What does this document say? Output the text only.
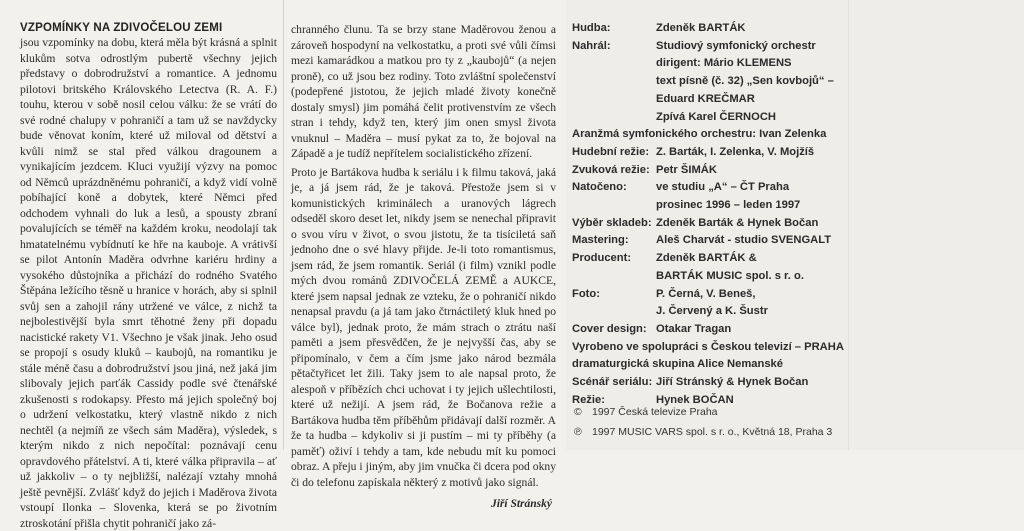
VZPOMÍNKY NA ZDIVOČELOU ZEMI

jsou vzpomínky na dobu, která měla být krásná a splnit klukům sotva odrostlým pubertě všechny jejich představy o dobrodružství a romantice. A jednomu pilotovi britského Královského Letectva (R. A. F.) touhu, kterou v sobě nosil celou válku: že se vrátí do své rodné chalupy v pohraničí a tam už se navždycky bude věnovat koním, které už miloval od dětství a kvůli nimž se stal před válkou dragounem a vynikajícím jezdcem. Kluci využijí výzvy na pomoc od Němců uprázdněnému pohraničí, a když vidí volně pobíhající koně a dobytek, které Němci před odchodem vyhnali do luk a lesů, a spousty zbraní povalujících se téměř na každém kroku, neodolají tak hmatatelnému vybídnutí ke hře na kauboje. A vrátivší se pilot Antonín Maděra odvrhne kariéru hrdiny a vysokého důstojníka a přichází do rodného Svatého Štěpána ležícího těsně u hranice v horách, aby si splnil svůj sen a zahojil rány utržené ve válce, z nichž ta nejbolestivější byla smrt těhotné ženy při dopadu nacistické rakety V1. Všechno je však jinak. Jeho osud se propojí s osudy kluků – kaubojů, na romantiku je stále méně času a dobrodružství jsou jiná, než jaká jim slibovaly jejich parťák Cassidy podle své čtenářské zkušenosti s rodokapsy. Přesto má jejich společný boj o udržení velkostatku, který vlastně nikdo z nich nechtěl (a nejmíň ze všech sám Maděra), výsledek, s kterým nikdo z nich nepočítal: poznávají cenu opravdového přátelství. A ti, které válka připravila – ať už jakkoliv – o ty nejbližší, nalézají vztahy mnohá ještě pevnější. Zvlášť když do jejich i Maděrova života vstoupí Ilonka – Slovenka, která se po životním ztroskotání přišla chytit pohraničí jako zá-

chranného člunu. Ta se brzy stane Maděrovou ženou a zároveň hospodyní na velkostatku, a proti své vůli čímsi mezi kamarádkou a matkou pro ty z „kaubojů“ (a nejen proně), co už jsou bez rodiny. Toto zvláštní společenství (podepřené jistotou, že jejich mladé životy konečně dostaly smysl) jim pomáhá čelit protivenstvím ze všech stran i tehdy, když ten, který jim onen smysl života vnuknul – Maděra – musí pykat za to, že bojoval na Západě a je tudíž nepřítelem socialistického zřízení.

Proto je Bartákova hudba k seriálu i k filmu taková, jaká je, a já jsem rád, že je taková. Přestože jsem si v komunistických kriminálech a uranových lágrech odseděl skoro deset let, nikdy jsem se nenechal připravit o svou víru v život, o svou jistotu, že ta tisíciletá saň jednoho dne o své hlavy přijde. Je-li toto romantismus, jsem rád, že jsem romantik. Seriál (i film) vznikl podle mých dvou románů ZDIVOČELÁ ZEMĚ a AUKCE, které jsem napsal jednak ze vzteku, že o pohraničí nikdo nenapsal pravdu (a já tam jako čtrnáctiletý kluk hned po válce byl), jednak proto, že mám strach o ztrátu naší paměti a jsem přesvědčen, že je nejvyšší čas, aby se připomínalo, v čem a čím jsme jako národ bezmála pětačtyřicet let žili. Taky jsem to ale napsal proto, že alespoň v příbězích chci uchovat i ty jejich ušlechtilosti, které už nežijí. A jsem rád, že Bočanova režie a Bartákova hudba těm příběhům přidávají další rozměr. A že ta hudba – kdykoliv si ji pustím – mi ty příběhy (a paměť) oživí i tehdy a tam, kde nebudu mít ku pomoci obraz. A přeju i jiným, aby jim vnučka či dcera pod okny či do telefonu zapískala některý z motivů jako signál.

Jiří Stránský
Hudba:	Zdeněk BARTÁK
Nahrál:	Studiový symfonický orchestr
dirigent: Mário KLEMENS
text písně (č. 32) „Sen kovbojů“ –
Eduard KREČMAR
Zpívá Karel ČERNOCH
Aranžmá symfonického orchestru: Ivan Zelenka
Hudební režie: Z. Barták, I. Zelenka, V. Mojžíš
Zvuková režie: Petr ŠIMÁK
Natočeno:	ve studiu „A“ – ČT Praha
prosinec 1996 – leden 1997
Výběr skladeb: Zdeněk Barták & Hynek Bočan
Mastering:	Aleš Charvát - studio SVENGALT
Producent:	Zdeněk BARTÁK &
BARTÁK MUSIC spol. s r. o.
Foto:	P. Černá, V. Beneš,
J. Červený a K. Šustr
Cover design: Otakar Tragan
Vyrobeno ve spolupráci s Českou televizí – PRAHA
dramaturgická skupina Alice Nemanské
Scénář seriálu: Jiří Stránský & Hynek Bočan
Režie:	Hynek BOČAN
© 1997 Česká televize Praha
℗ 1997 MUSIC VARS spol. s r. o., Květná 18, Praha 3
